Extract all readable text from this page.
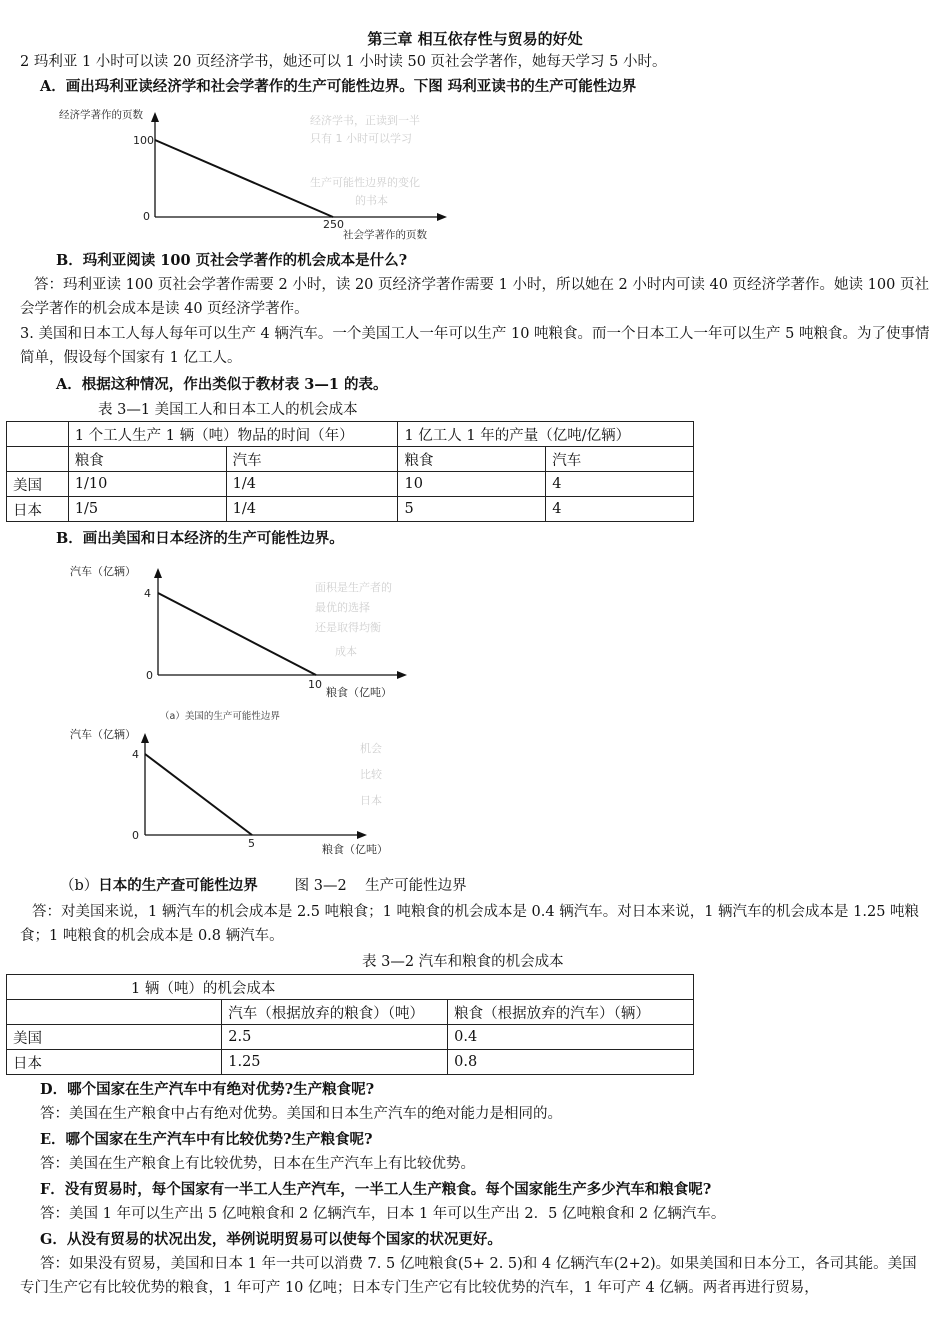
第三章 相互依存性与贸易的好处
2 玛利亚 1 小时可以读 20 页经济学书，她还可以 1 小时读 50 页社会学著作，她每天学习 5 小时。
A．画出玛利亚读经济学和社会学著作的生产可能性边界。下图 玛利亚读书的生产可能性边界
经济学书，正读到一半
只有 1 小时可以学习
生产可能性边界的变化
的书本
经济学著作的页数
100
0
250
社会学著作的页数
B．玛利亚阅读 100 页社会学著作的机会成本是什么?
答：玛利亚读 100 页社会学著作需要 2 小时，读 20 页经济学著作需要 1 小时，所以她在 2 小时内可读 40 页经济学著作。她读 100 页社会学著作的机会成本是读 40 页经济学著作。
3. 美国和日本工人每人每年可以生产 4 辆汽车。一个美国工人一年可以生产 10 吨粮食。而一个日本工人一年可以生产 5 吨粮食。为了使事情简单，假设每个国家有 1 亿工人。
A．根据这种情况，作出类似于教材表 3—1 的表。
表 3—1 美国工人和日本工人的机会成本
	1 个工人生产 1 辆（吨）物品的时间（年）		1 亿工人 1 年的产量（亿吨/亿辆）	
	粮食	汽车	粮食	汽车
美国	1/10	1/4	10	4
日本	1/5	1/4	5	4
B．画出美国和日本经济的生产可能性边界。
面积是生产者的
最优的选择
还是取得均衡
成本
汽车（亿辆）
4
0
10
粮食（亿吨）
（a）美国的生产可能性边界
机会
比较
日本
汽车（亿辆）
4
0
5	粮食（亿吨）
（b）日本的生产查可能性边界        图 3—2    生产可能性边界
答：对美国来说，1 辆汽车的机会成本是 2.5 吨粮食；1 吨粮食的机会成本是 0.4 辆汽车。对日本来说，1 辆汽车的机会成本是 1.25 吨粮食；1 吨粮食的机会成本是 0.8 辆汽车。
表 3—2 汽车和粮食的机会成本
1 辆（吨）的机会成本		
	汽车（根据放弃的粮食）（吨）	粮食（根据放弃的汽车）（辆）
美国	2.5	0.4
日本	1.25	0.8
D．哪个国家在生产汽车中有绝对优势?生产粮食呢?
答：美国在生产粮食中占有绝对优势。美国和日本生产汽车的绝对能力是相同的。
E．哪个国家在生产汽车中有比较优势?生产粮食呢?
答：美国在生产粮食上有比较优势，日本在生产汽车上有比较优势。
F．没有贸易时，每个国家有一半工人生产汽车，一半工人生产粮食。每个国家能生产多少汽车和粮食呢?
答：美国 1 年可以生产出 5 亿吨粮食和 2 亿辆汽车，日本 1 年可以生产出 2．5 亿吨粮食和 2 亿辆汽车。
G．从没有贸易的状况出发，举例说明贸易可以使每个国家的状况更好。
答：如果没有贸易，美国和日本 1 年一共可以消费 7. 5 亿吨粮食(5+ 2. 5)和 4 亿辆汽车(2+2)。如果美国和日本分工，各司其能。美国专门生产它有比较优势的粮食，1 年可产 10 亿吨；日本专门生产它有比较优势的汽车，1 年可产 4 亿辆。两者再进行贸易，
